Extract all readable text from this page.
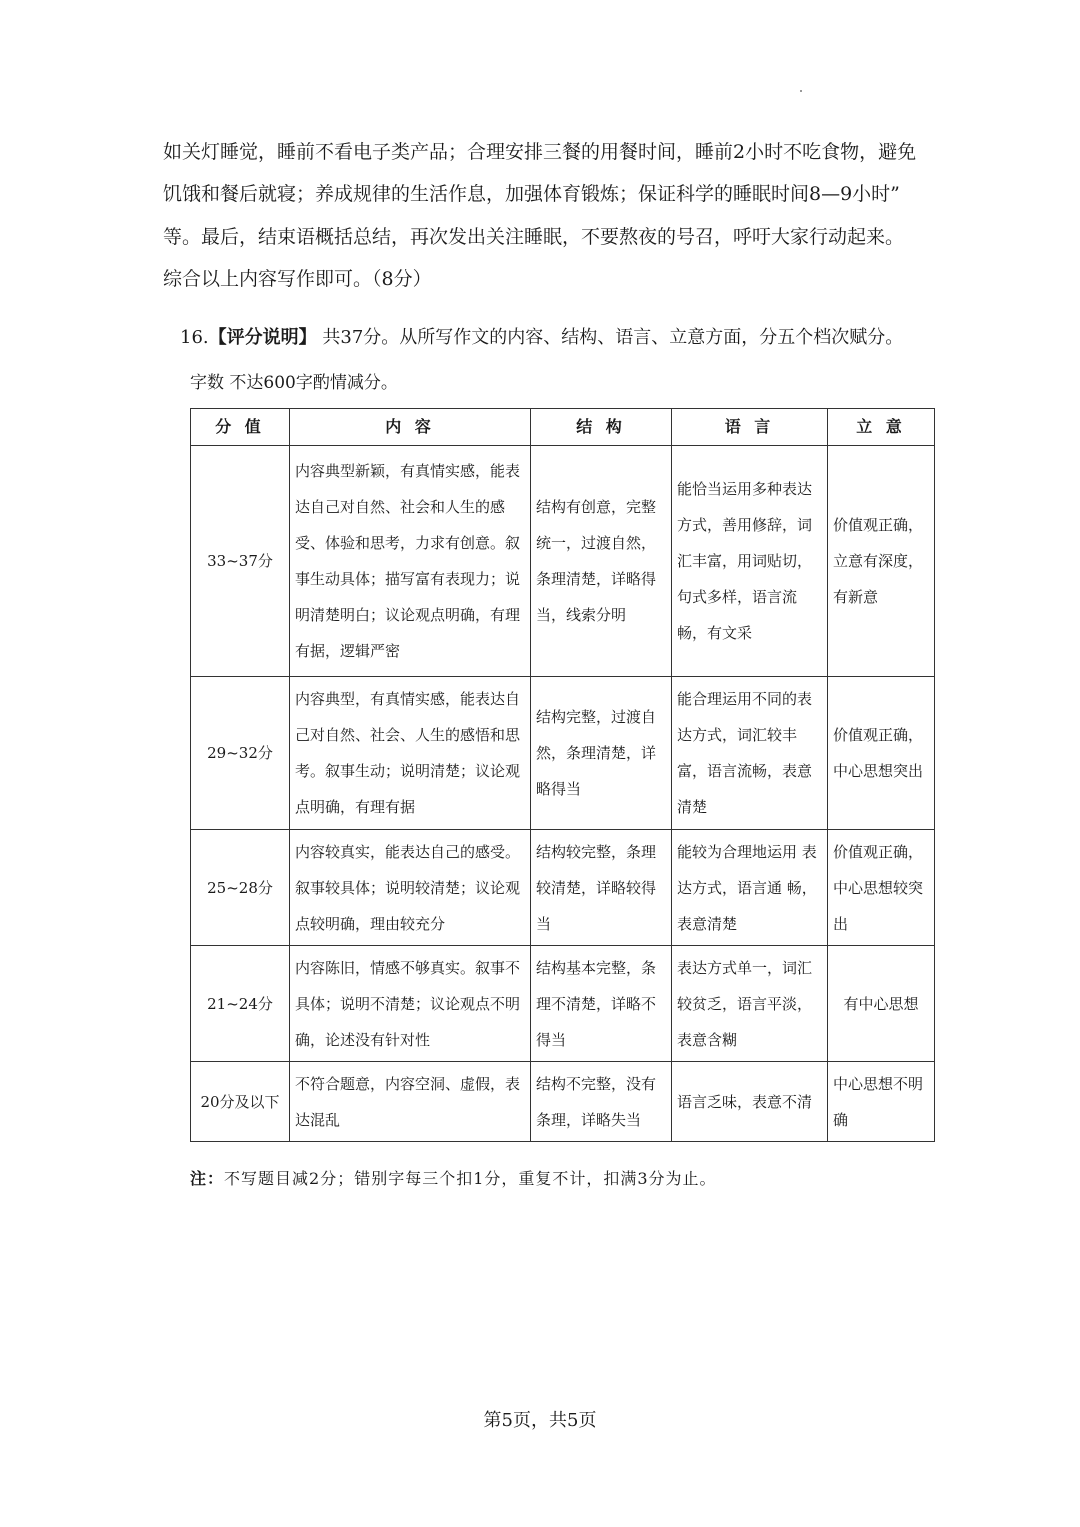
如关灯睡觉，睡前不看电子类产品；合理安排三餐的用餐时间，睡前2小时不吃食物，避免

饥饿和餐后就寝；养成规律的生活作息，加强体育锻炼；保证科学的睡眠时间8—9小时”

等。最后，结束语概括总结，再次发出关注睡眠，不要熬夜的号召，呼吁大家行动起来。

综合以上内容写作即可。（8分）

16.【评分说明】 共37分。从所写作文的内容、结构、语言、立意方面，分五个档次赋分。

字数 不达600字酌情减分。

分 值	内 容	结 构	语 言	立 意
33~37分	内容典型新颖，有真情实感，能表达自己对自然、社会和人生的感受、体验和思考，力求有创意。叙事生动具体；描写富有表现力；说明清楚明白；议论观点明确，有理有据，逻辑严密	结构有创意，完整统一，过渡自然，条理清楚，详略得当，线索分明	能恰当运用多种表达方式，善用修辞，词汇丰富，用词贴切，句式多样，语言流畅，有文采	价值观正确，立意有深度，有新意
29~32分	内容典型，有真情实感，能表达自己对自然、社会、人生的感悟和思考。叙事生动；说明清楚；议论观点明确，有理有据	结构完整，过渡自然，条理清楚，详略得当	能合理运用不同的表达方式，词汇较丰富，语言流畅，表意清楚	价值观正确，中心思想突出
25~28分	内容较真实，能表达自己的感受。叙事较具体；说明较清楚；议论观点较明确，理由较充分	结构较完整，条理较清楚，详略较得当	能较为合理地运用 表达方式，语言通 畅，表意清楚	价值观正确，中心思想较突出
21~24分	内容陈旧，情感不够真实。叙事不具体；说明不清楚；议论观点不明确，论述没有针对性	结构基本完整，条理不清楚，详略不得当	表达方式单一，词汇较贫乏，语言平淡，表意含糊	有中心思想
20分及以下	不符合题意，内容空洞、虚假，表 达混乱	结构不完整，没有条理，详略失当	语言乏味，表意不清	中心思想不明确

注：不写题目减2分；错别字每三个扣1分，重复不计，扣满3分为止。

第5页，共5页
